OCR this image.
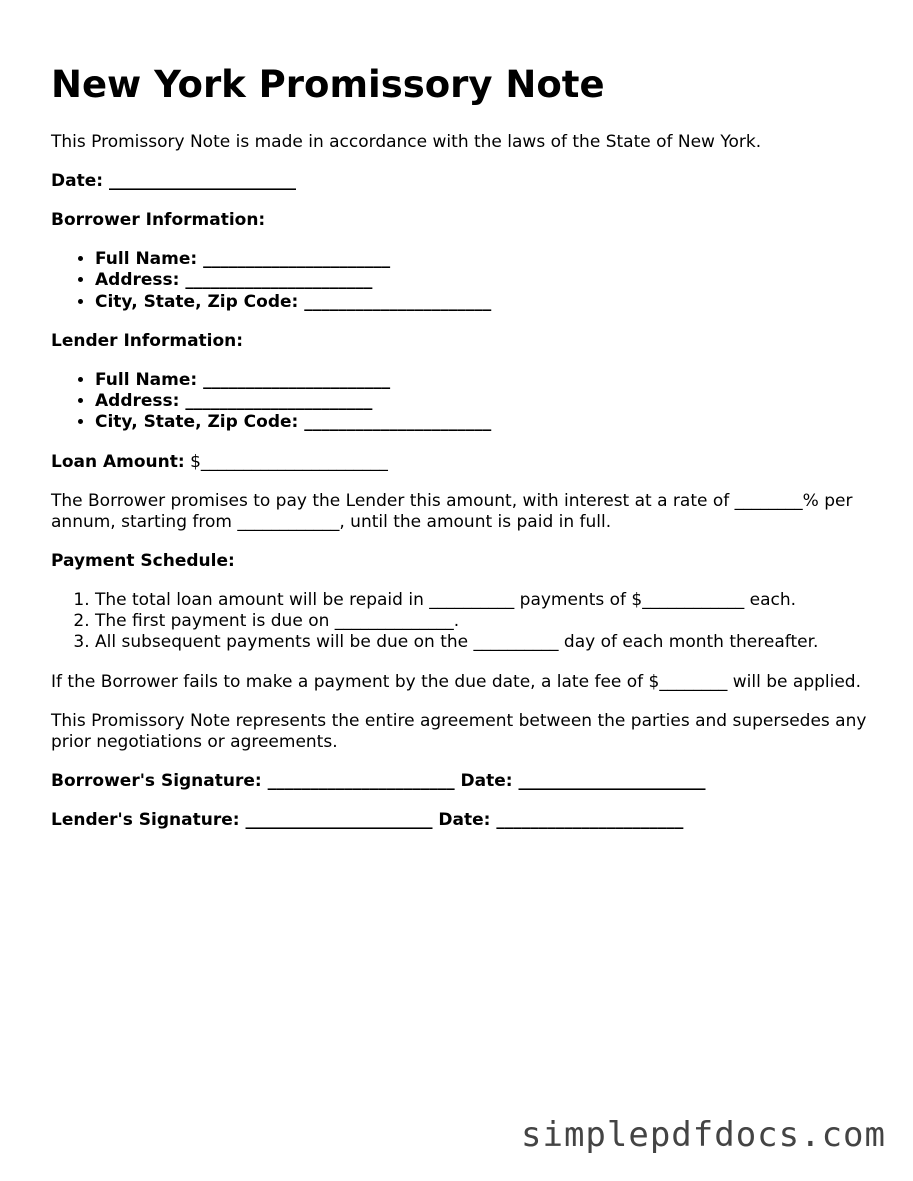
New York Promissory Note

This Promissory Note is made in accordance with the laws of the State of New York.

Date: ______________________

Borrower Information:

• Full Name: ______________________
• Address: ______________________
• City, State, Zip Code: ______________________

Lender Information:

• Full Name: ______________________
• Address: ______________________
• City, State, Zip Code: ______________________

Loan Amount: $______________________

The Borrower promises to pay the Lender this amount, with interest at a rate of ________% per annum, starting from ____________, until the amount is paid in full.

Payment Schedule:

1. The total loan amount will be repaid in __________ payments of $____________ each.
2. The first payment is due on ______________.
3. All subsequent payments will be due on the __________ day of each month thereafter.

If the Borrower fails to make a payment by the due date, a late fee of $________ will be applied.

This Promissory Note represents the entire agreement between the parties and supersedes any prior negotiations or agreements.

Borrower's Signature: ______________________ Date: ______________________

Lender's Signature: ______________________ Date: ______________________

simplepdfdocs.com
